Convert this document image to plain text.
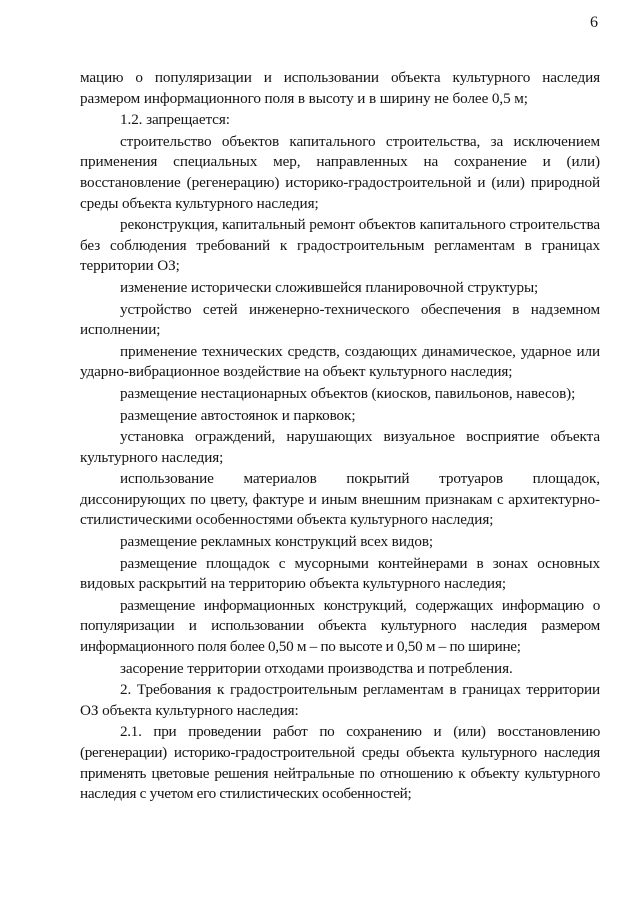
6

мацию о популяризации и использовании объекта культурного наследия размером информационного поля в высоту и в ширину не более 0,5 м;

1.2. запрещается:

строительство объектов капитального строительства, за исключением применения специальных мер, направленных на сохранение и (или) восстановление (регенерацию) историко-градостроительной и (или) природной среды объекта культурного наследия;

реконструкция, капитальный ремонт объектов капитального строительства без соблюдения требований к градостроительным регламентам в границах территории ОЗ;

изменение исторически сложившейся планировочной структуры;

устройство сетей инженерно-технического обеспечения в надземном исполнении;

применение технических средств, создающих динамическое, ударное или ударно-вибрационное воздействие на объект культурного наследия;

размещение нестационарных объектов (киосков, павильонов, навесов);

размещение автостоянок и парковок;

установка ограждений, нарушающих визуальное восприятие объекта культурного наследия;

использование материалов покрытий тротуаров площадок, диссонирующих по цвету, фактуре и иным внешним признакам с архитектурно-стилистическими особенностями объекта культурного наследия;

размещение рекламных конструкций всех видов;

размещение площадок с мусорными контейнерами в зонах основных видовых раскрытий на территорию объекта культурного наследия;

размещение информационных конструкций, содержащих информацию о популяризации и использовании объекта культурного наследия размером информационного поля более 0,50 м – по высоте и 0,50 м – по ширине;

засорение территории отходами производства и потребления.

2. Требования к градостроительным регламентам в границах территории ОЗ объекта культурного наследия:

2.1. при проведении работ по сохранению и (или) восстановлению (регенерации) историко-градостроительной среды объекта культурного наследия применять цветовые решения нейтральные по отношению к объекту культурного наследия с учетом его стилистических особенностей;
